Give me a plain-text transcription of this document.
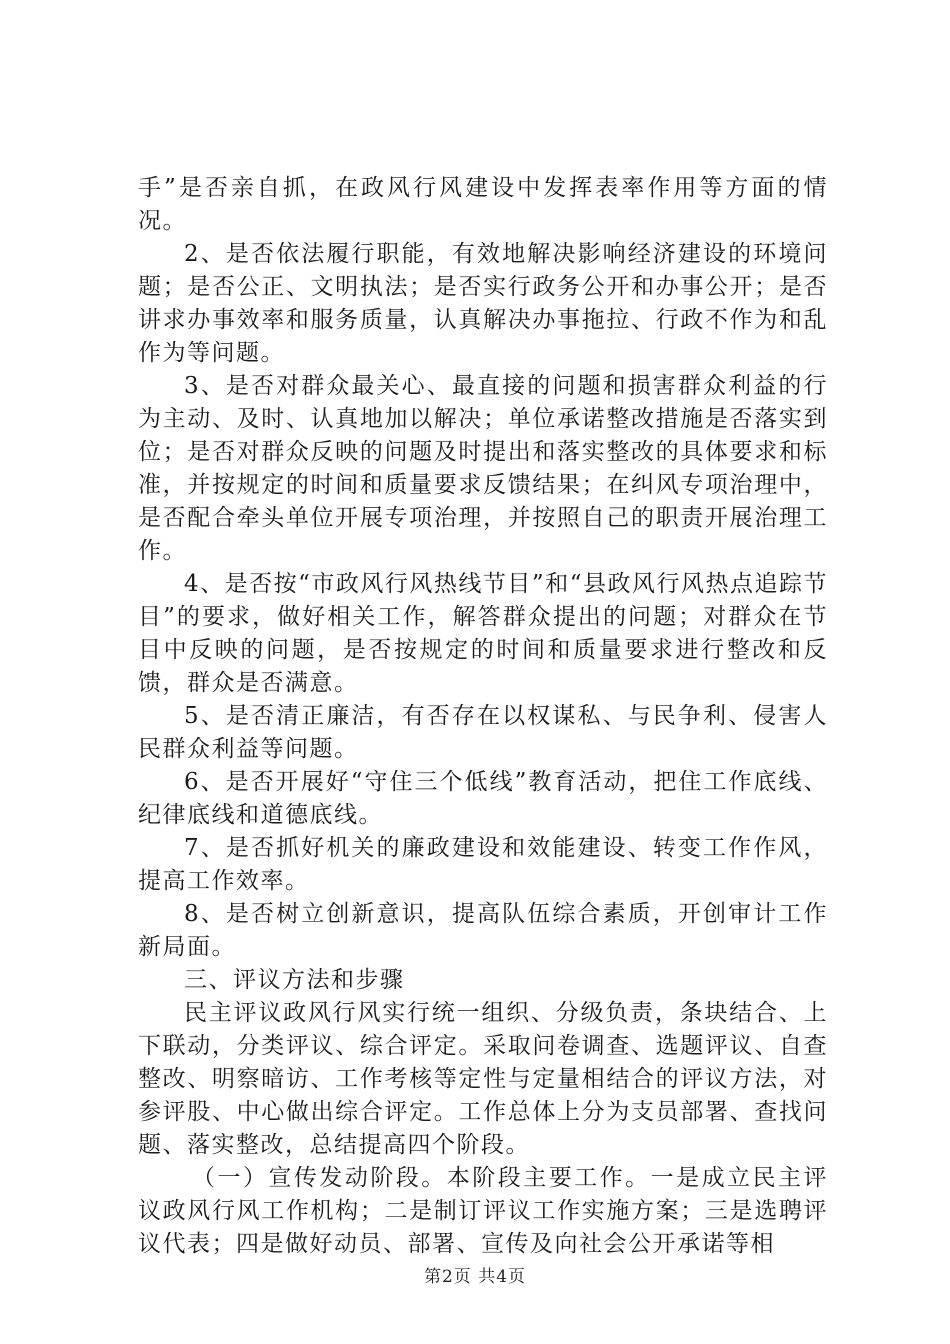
手”是否亲自抓，在政风行风建设中发挥表率作用等方面的情况。

2、是否依法履行职能，有效地解决影响经济建设的环境问题；是否公正、文明执法；是否实行政务公开和办事公开；是否讲求办事效率和服务质量，认真解决办事拖拉、行政不作为和乱作为等问题。

3、是否对群众最关心、最直接的问题和损害群众利益的行为主动、及时、认真地加以解决；单位承诺整改措施是否落实到位；是否对群众反映的问题及时提出和落实整改的具体要求和标准，并按规定的时间和质量要求反馈结果；在纠风专项治理中，是否配合牵头单位开展专项治理，并按照自己的职责开展治理工作。

4、是否按“市政风行风热线节目”和“县政风行风热点追踪节目”的要求，做好相关工作，解答群众提出的问题；对群众在节目中反映的问题，是否按规定的时间和质量要求进行整改和反馈，群众是否满意。

5、是否清正廉洁，有否存在以权谋私、与民争利、侵害人民群众利益等问题。

6、是否开展好“守住三个低线”教育活动，把住工作底线、纪律底线和道德底线。

7、是否抓好机关的廉政建设和效能建设、转变工作作风，提高工作效率。

8、是否树立创新意识，提高队伍综合素质，开创审计工作新局面。

三、评议方法和步骤

民主评议政风行风实行统一组织、分级负责，条块结合、上下联动，分类评议、综合评定。采取问卷调查、选题评议、自查整改、明察暗访、工作考核等定性与定量相结合的评议方法，对参评股、中心做出综合评定。工作总体上分为支员部署、查找问题、落实整改，总结提高四个阶段。

（一）宣传发动阶段。本阶段主要工作。一是成立民主评议政风行风工作机构；二是制订评议工作实施方案；三是选聘评议代表；四是做好动员、部署、宣传及向社会公开承诺等相

第2页 共4页
